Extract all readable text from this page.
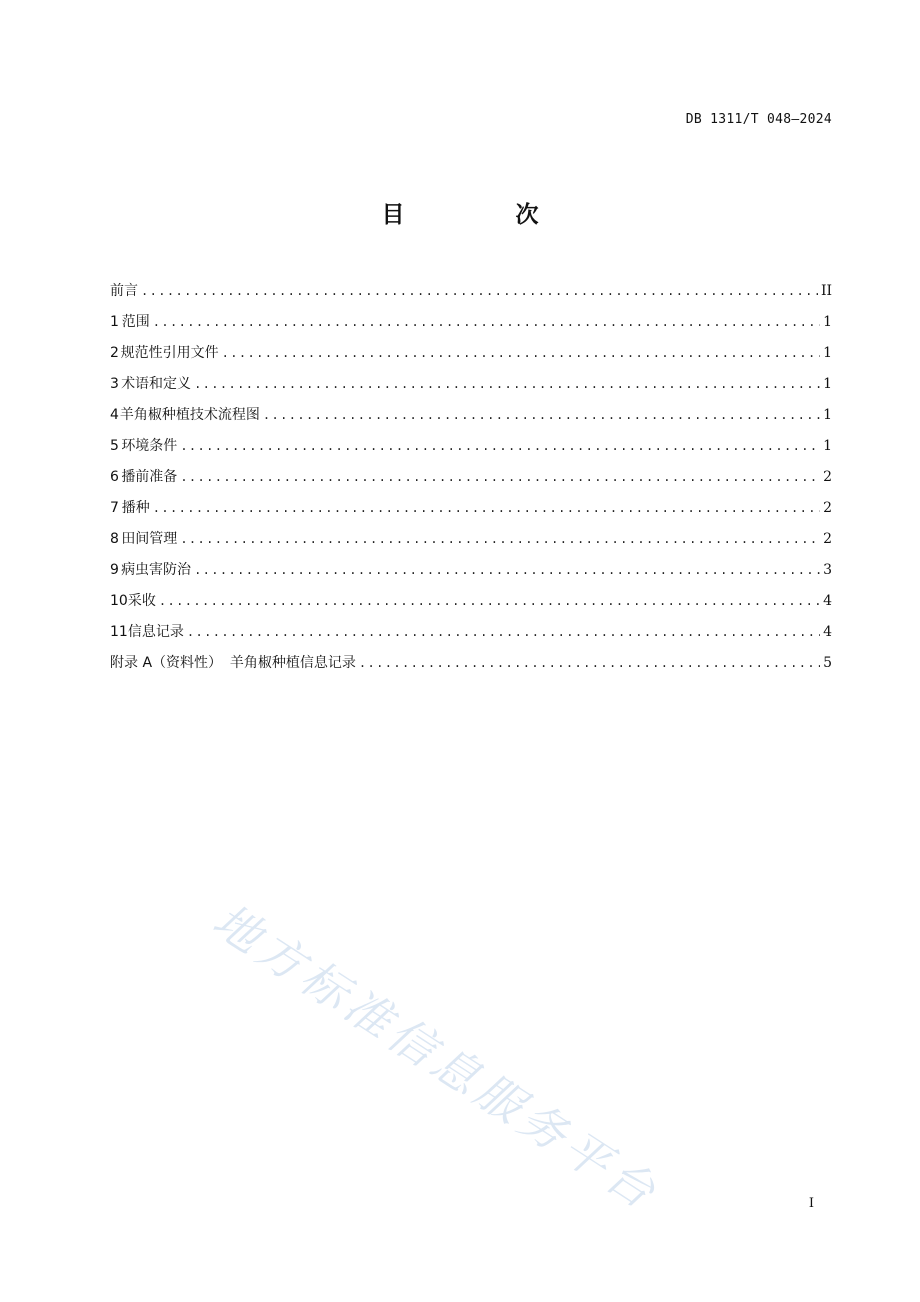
DB 1311/T 048—2024
目　次
前言 .....	II
1 范围 .....	1
2 规范性引用文件 .....	1
3 术语和定义 .....	1
4 羊角椒种植技术流程图 .....	1
5 环境条件 .....	1
6 播前准备 .....	2
7 播种 .....	2
8 田间管理 .....	2
9 病虫害防治 .....	3
10 采收 .....	4
11 信息记录 .....	4
附录 A（资料性） 羊角椒种植信息记录 .....	5
地方标准信息服务平台	I
